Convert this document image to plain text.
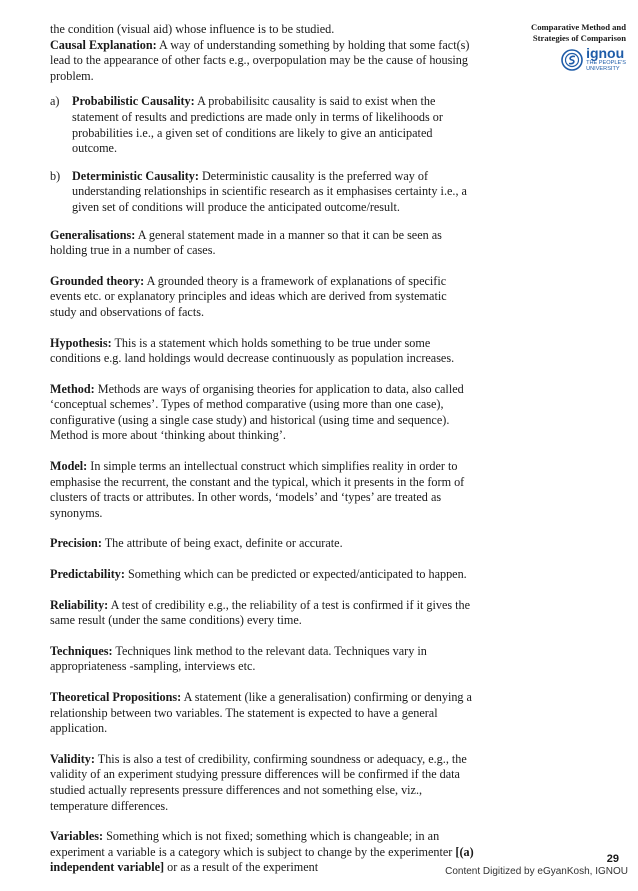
Comparative Method and
Strategies of Comparison
ignou
THE PEOPLE'S
UNIVERSITY
the condition (visual aid) whose influence is to be studied.
Causal Explanation: A way of understanding something by holding that some fact(s) lead to the appearance of other facts e.g., overpopulation may be the cause of housing problem.
a)	Probabilistic Causality: A probabilisitc causality is said to exist when the statement of results and predictions are made only in terms of likelihoods or probabilities i.e., a given set of conditions are likely to give an anticipated outcome.
b) Deterministic Causality: Deterministic causality is the preferred way of understanding relationships in scientific research as it emphasises certainty i.e., a given set of conditions will produce the anticipated outcome/result.
Generalisations: A general statement made in a manner so that it can be seen as holding true in a number of cases.
Grounded theory: A grounded theory is a framework of explanations of specific events etc. or explanatory principles and ideas which are derived from systematic study and observations of facts.
Hypothesis: This is a statement which holds something to be true under some conditions e.g. land holdings would decrease continuously as population increases.
Method: Methods are ways of organising theories for application to data, also called ‘conceptual schemes’. Types of method comparative (using more than one case), configurative (using a single case study) and historical (using time and sequence). Method is more about ‘thinking about thinking’.
Model: In simple terms an intellectual construct which simplifies reality in order to emphasise the recurrent, the constant and the typical, which it presents in the form of clusters of tracts or attributes. In other words, ‘models’ and ‘types’ are treated as synonyms.
Precision: The attribute of being exact, definite or accurate.
Predictability: Something which can be predicted or expected/anticipated to happen.
Reliability: A test of credibility e.g., the reliability of a test is confirmed if it gives the same result (under the same conditions) every time.
Techniques: Techniques link method to the relevant data. Techniques vary in appropriateness -sampling, interviews etc.
Theoretical Propositions: A statement (like a generalisation) confirming or denying a relationship between two variables. The statement is expected to have a general application.
Validity: This is also a test of credibility, confirming soundness or adequacy, e.g., the validity of an experiment studying pressure differences will be confirmed if the data studied actually represents pressure differences and not something else, viz., temperature differences.
Variables: Something which is not fixed; something which is changeable; in an experiment a variable is a category which is subject to change by the experimenter [(a) independent variable] or as a result of the experiment
29
Content Digitized by eGyanKosh, IGNOU
